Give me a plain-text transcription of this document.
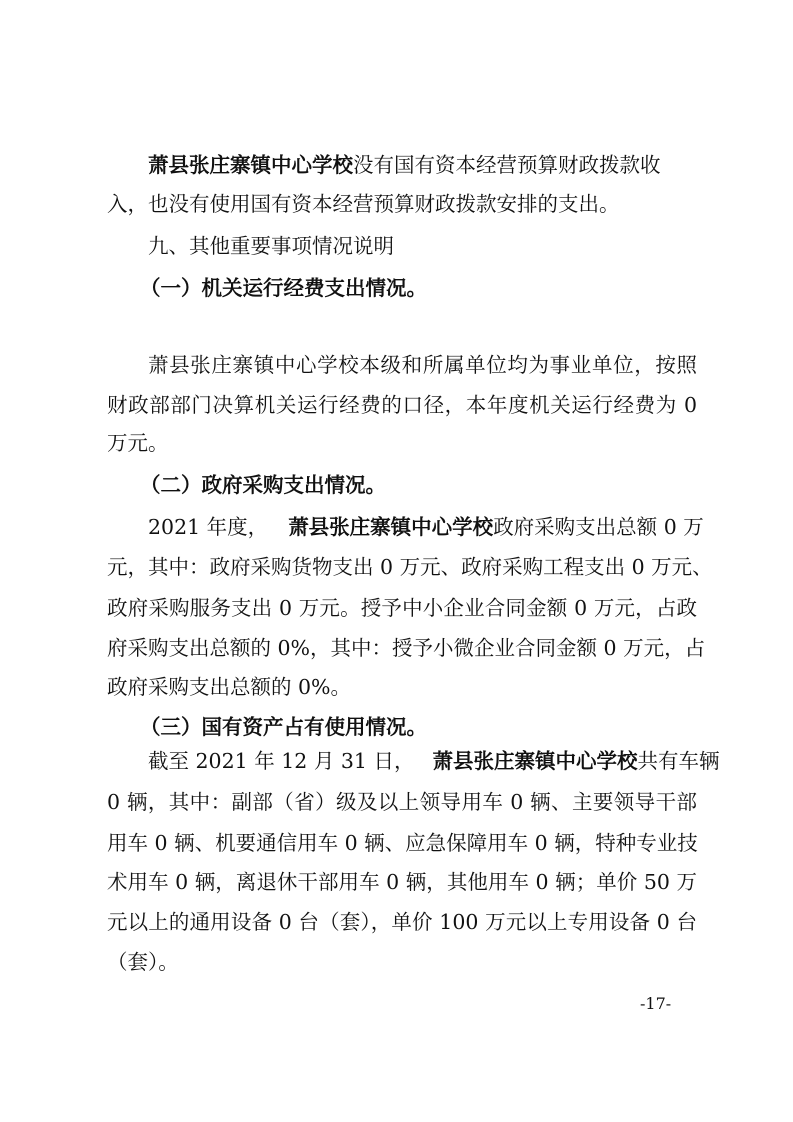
萧县张庄寨镇中心学校没有国有资本经营预算财政拨款收
入，也没有使用国有资本经营预算财政拨款安排的支出。
九、其他重要事项情况说明
（一）机关运行经费支出情况。
萧县张庄寨镇中心学校本级和所属单位均为事业单位，按照
财政部部门决算机关运行经费的口径，本年度机关运行经费为 0
万元。
（二）政府采购支出情况。
2021 年度， 萧县张庄寨镇中心学校政府采购支出总额 0 万
元，其中：政府采购货物支出 0 万元、政府采购工程支出 0 万元、
政府采购服务支出 0 万元。授予中小企业合同金额 0 万元，占政
府采购支出总额的 0%，其中：授予小微企业合同金额 0 万元，占
政府采购支出总额的 0%。
（三）国有资产占有使用情况。
截至 2021 年 12 月 31 日， 萧县张庄寨镇中心学校共有车辆
0 辆，其中：副部（省）级及以上领导用车 0 辆、主要领导干部
用车 0 辆、机要通信用车 0 辆、应急保障用车 0 辆，特种专业技
术用车 0 辆，离退休干部用车 0 辆，其他用车 0 辆；单价 50 万
元以上的通用设备 0 台（套），单价 100 万元以上专用设备 0 台
（套）。
-17-
